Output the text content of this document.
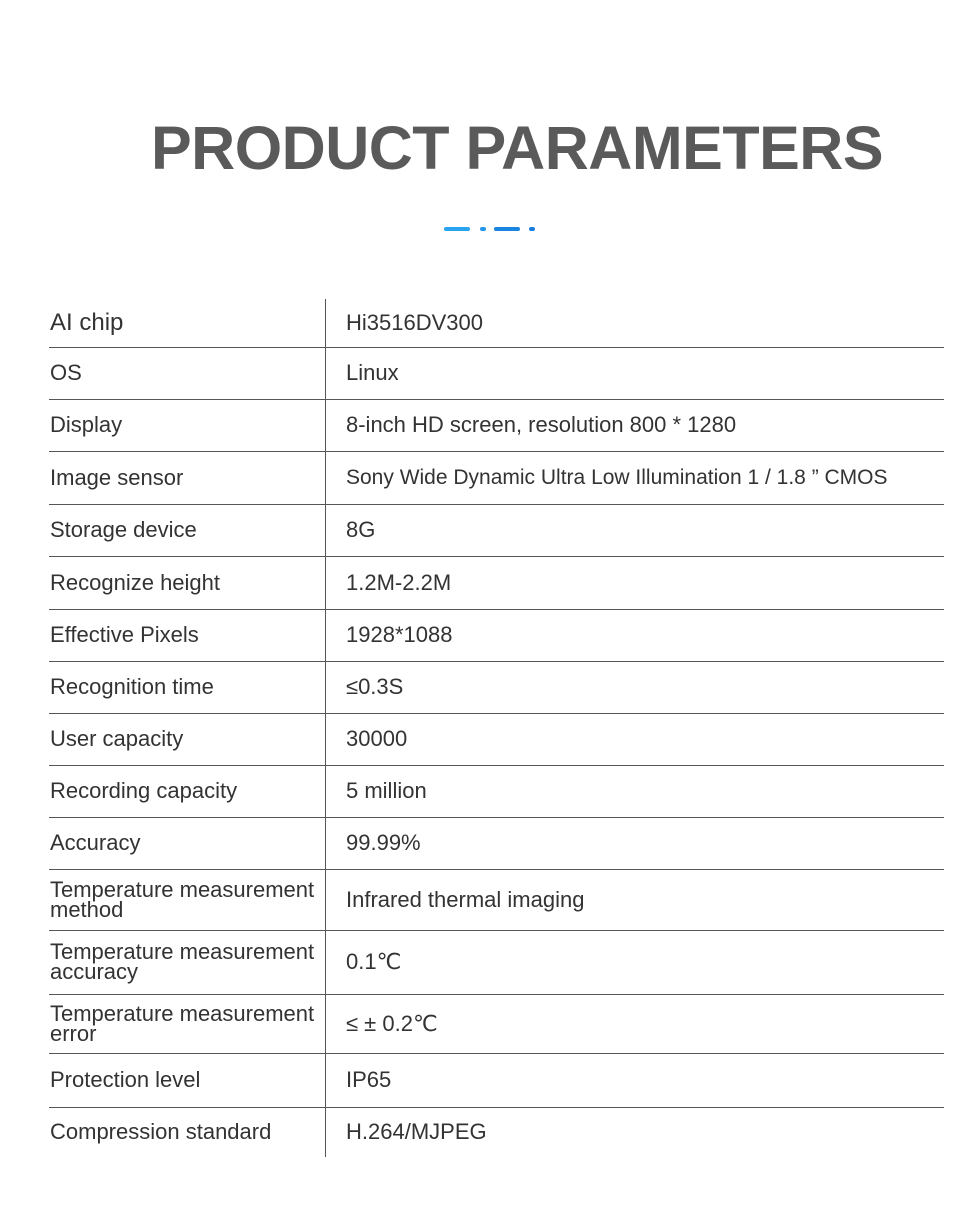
PRODUCT PARAMETERS
AI chip	Hi3516DV300
OS	Linux
Display	8-inch HD screen, resolution 800 * 1280
Image sensor	Sony Wide Dynamic Ultra Low Illumination 1 / 1.8 ” CMOS
Storage device	8G
Recognize height	1.2M-2.2M
Effective Pixels	1928*1088
Recognition time	≤0.3S
User capacity	30000
Recording capacity	5 million
Accuracy	99.99%
Temperature measurement method	Infrared thermal imaging
Temperature measurement accuracy	0.1℃
Temperature measurement error	≤ ± 0.2℃
Protection level	IP65
Compression standard	H.264/MJPEG
